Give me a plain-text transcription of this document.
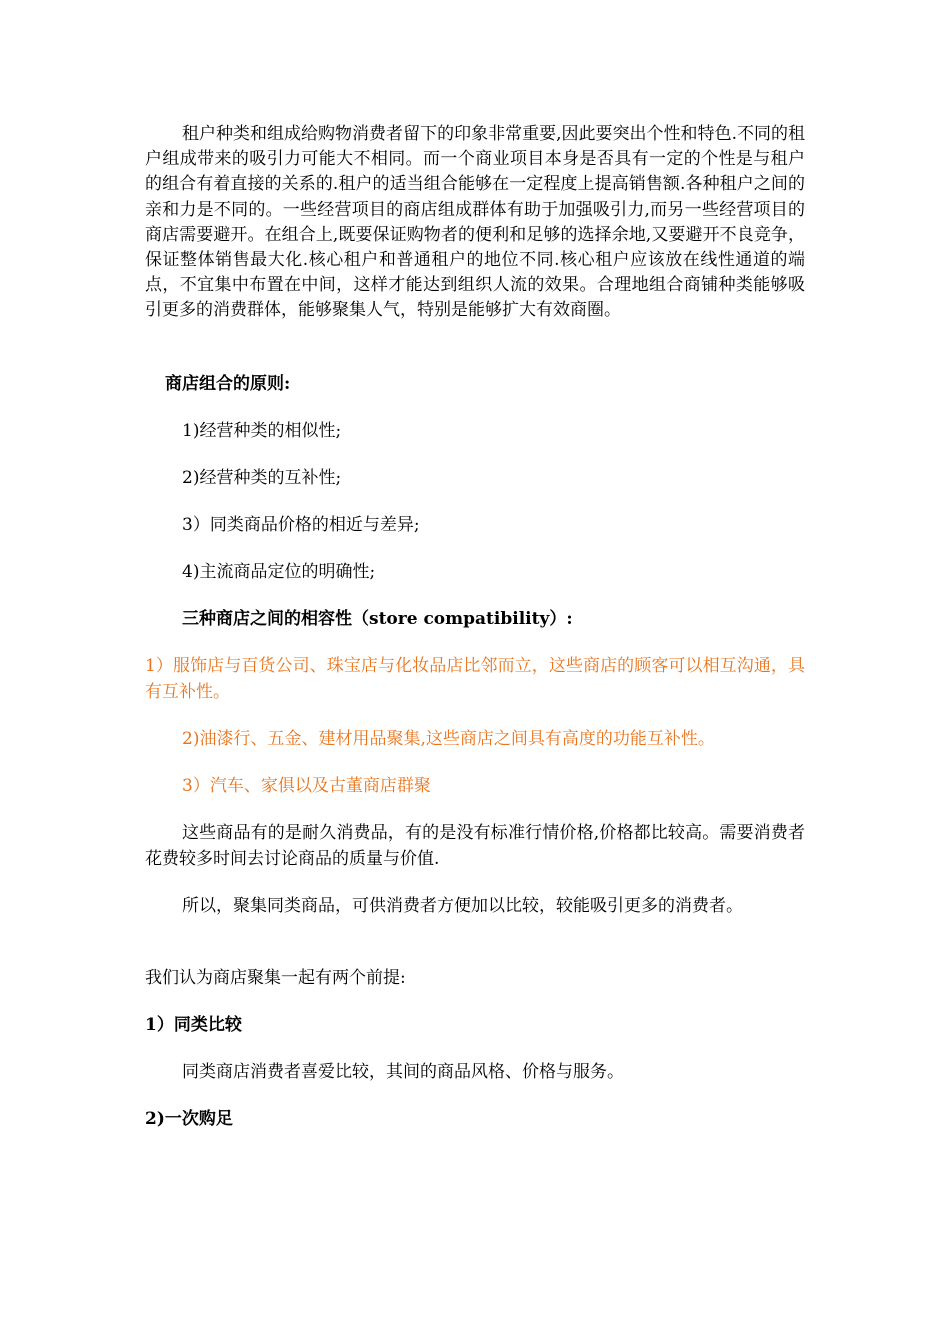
租户种类和组成给购物消费者留下的印象非常重要,因此要突出个性和特色.不同的租户组成带来的吸引力可能大不相同。而一个商业项目本身是否具有一定的个性是与租户的组合有着直接的关系的.租户的适当组合能够在一定程度上提高销售额.各种租户之间的亲和力是不同的。一些经营项目的商店组成群体有助于加强吸引力,而另一些经营项目的商店需要避开。在组合上,既要保证购物者的便利和足够的选择余地,又要避开不良竞争，保证整体销售最大化.核心租户和普通租户的地位不同.核心租户应该放在线性通道的端点，不宜集中布置在中间，这样才能达到组织人流的效果。合理地组合商铺种类能够吸引更多的消费群体，能够聚集人气，特别是能够扩大有效商圈。

商店组合的原则:

1)经营种类的相似性;

2)经营种类的互补性;

3）同类商品价格的相近与差异;

4)主流商品定位的明确性;

三种商店之间的相容性（store compatibility）:

1）服饰店与百货公司、珠宝店与化妆品店比邻而立，这些商店的顾客可以相互沟通，具有互补性。

2)油漆行、五金、建材用品聚集,这些商店之间具有高度的功能互补性。

3）汽车、家俱以及古董商店群聚

这些商品有的是耐久消费品，有的是没有标准行情价格,价格都比较高。需要消费者花费较多时间去讨论商品的质量与价值.

所以，聚集同类商品，可供消费者方便加以比较，较能吸引更多的消费者。

我们认为商店聚集一起有两个前提:

1）同类比较

同类商店消费者喜爱比较，其间的商品风格、价格与服务。

2)一次购足
